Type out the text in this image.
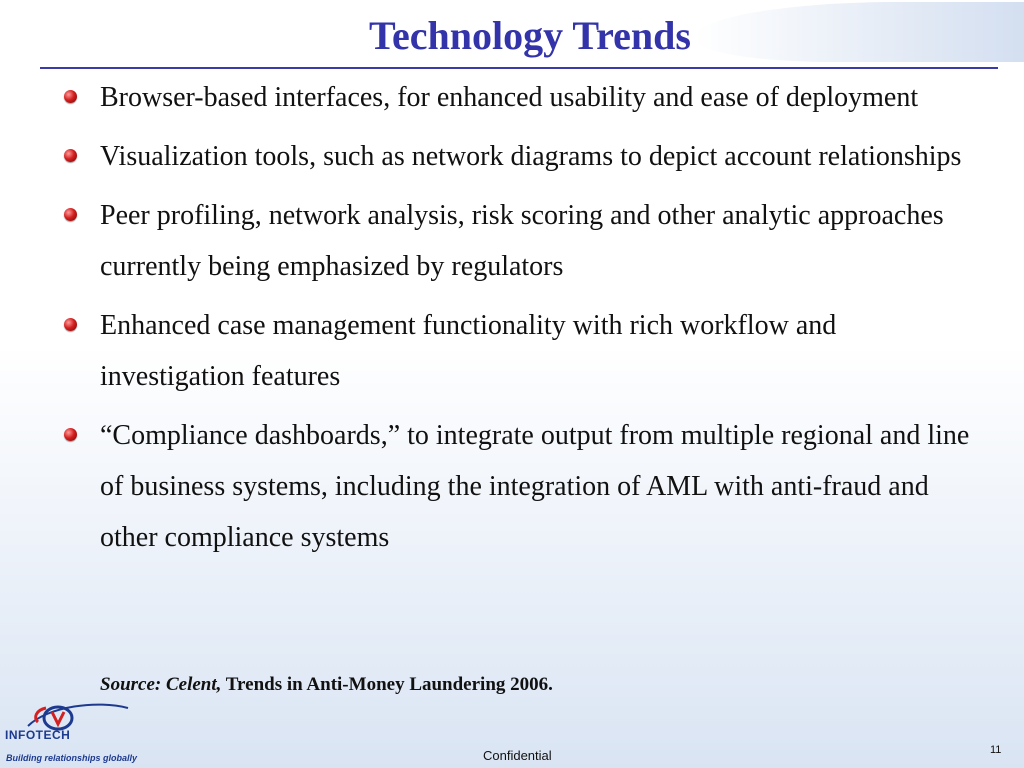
Technology Trends
Browser-based interfaces, for enhanced usability and ease of deployment
Visualization tools, such as network diagrams to depict account relationships
Peer profiling, network analysis, risk scoring and other analytic approaches currently being emphasized by regulators
Enhanced case management functionality with rich workflow and investigation features
“Compliance dashboards,” to integrate output from multiple regional and line of business systems, including the integration of AML with anti-fraud and other compliance systems
Source: Celent, Trends in Anti-Money Laundering 2006.
INFOTECH
Building relationships globally	Confidential	11
